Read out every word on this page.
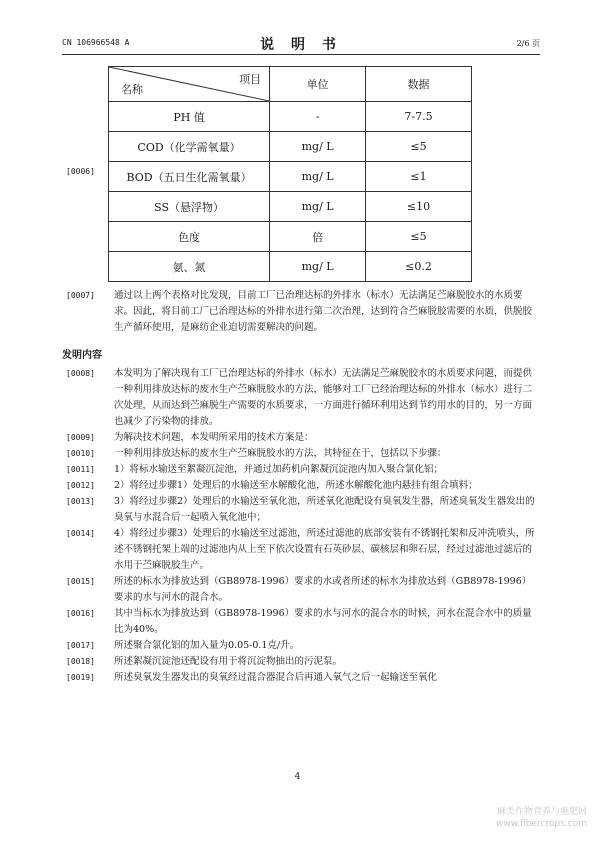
CN 106966548 A	说 明 书	2/6 页
[0006]
名称
项目	单位	数据
PH 值	-	7-7.5
COD（化学需氧量）	mg/ L	≤5
BOD（五日生化需氧量）	mg/ L	≤1
SS（悬浮物）	mg/ L	≤10
色度	倍	≤5
氨、氮	mg/ L	≤0.2

[0007] 通过以上两个表格对比发现，目前工厂已治理达标的外排水（标水）无法满足苎麻脱胶水的水质要求。因此，将目前工厂已治理达标的外排水进行第二次治理，达到符合苎麻脱胶需要的水质，供脱胶生产循环使用，是麻纺企业迫切需要解决的问题。

发明内容

[0008] 本发明为了解决现有工厂已治理达标的外排水（标水）无法满足苎麻脱胶水的水质要求问题，而提供一种利用排放达标的废水生产苎麻脱胶水的方法，能够对工厂已经治理达标的外排水（标水）进行二次处理，从而达到苎麻脱生产需要的水质要求，一方面进行循环利用达到节约用水的目的，另一方面也减少了污染物的排放。

[0009] 为解决技术问题，本发明所采用的技术方案是：

[0010] 一种利用排放达标的废水生产苎麻脱胶水的方法，其特征在于，包括以下步骤：

[0011] 1）将标水输送至絮凝沉淀池，并通过加药机向絮凝沉淀池内加入聚合氯化铝；

[0012] 2）将经过步骤1）处理后的水输送至水解酸化池，所述水解酸化池内悬挂有组合填料；

[0013] 3）将经过步骤2）处理后的水输送至氧化池，所述氧化池配设有臭氧发生器，所述臭氧发生器发出的臭氧与水混合后一起喷入氧化池中；

[0014] 4）将经过步骤3）处理后的水输送至过滤池，所述过滤池的底部安装有不锈钢托架和反冲洗喷头，所述不锈钢托架上端的过滤池内从上至下依次设置有石英砂层、碳核层和卵石层，经过过滤池过滤后的水用于苎麻脱胶生产。

[0015] 所述的标水为排放达到（GB8978-1996）要求的水或者所述的标水为排放达到（GB8978-1996）要求的水与河水的混合水。

[0016] 其中当标水为排放达到（GB8978-1996）要求的水与河水的混合水的时候，河水在混合水中的质量比为40%。

[0017] 所述聚合氯化铝的加入量为0.05-0.1克/升。

[0018] 所述絮凝沉淀池还配设有用于将沉淀物抽出的污泥泵。

[0019] 所述臭氧发生器发出的臭氧经过混合器混合后再通入氧气之后一起输送至氧化

4
麻类作物营养与施肥网
www.fibercrops.com
